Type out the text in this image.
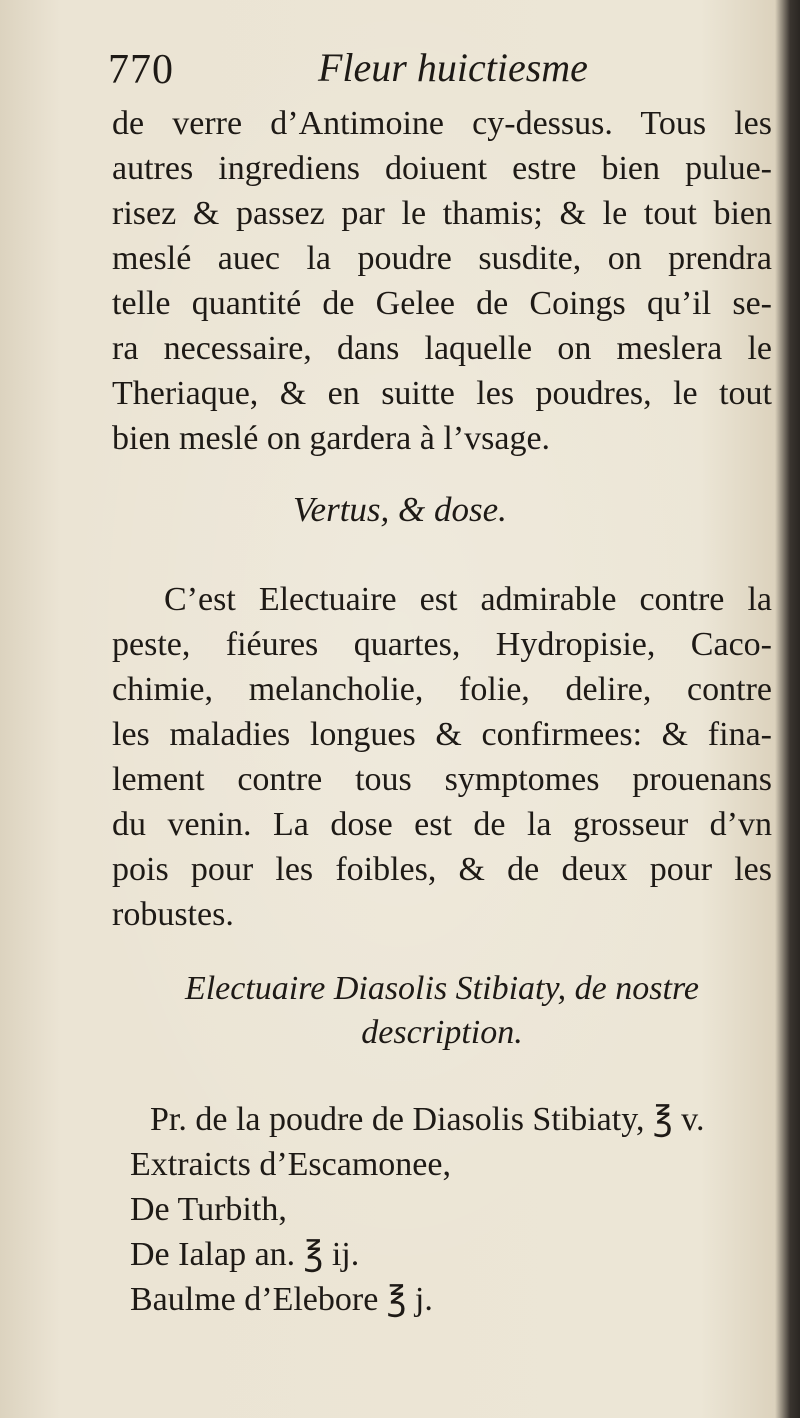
770	Fleur huictiesme
de verre d’Antimoine cy-dessus. Tous les
autres ingrediens doiuent estre bien pulue-
risez & passez par le thamis; & le tout bien
meslé auec la poudre susdite, on prendra
telle quantité de Gelee de Coings qu’il se-
ra necessaire, dans laquelle on meslera le
Theriaque, & en suitte les poudres, le tout
bien meslé on gardera à l’vsage.
Vertus, & dose.
C’est Electuaire est admirable contre la
peste, fiéures quartes, Hydropisie, Caco-
chimie, melancholie, folie, delire, contre
les maladies longues & confirmees: & fina-
lement contre tous symptomes prouenans
du venin. La dose est de la grosseur d’vn
pois pour les foibles, & de deux pour les
robustes.
Electuaire Diasolis Stibiaty, de nostre
description.
Pr. de la poudre de Diasolis Stibiaty, ℥ v.
Extraicts d’Escamonee,
De Turbith,
De Ialap an. ℥ ij.
Baulme d’Elebore ℥ j.
